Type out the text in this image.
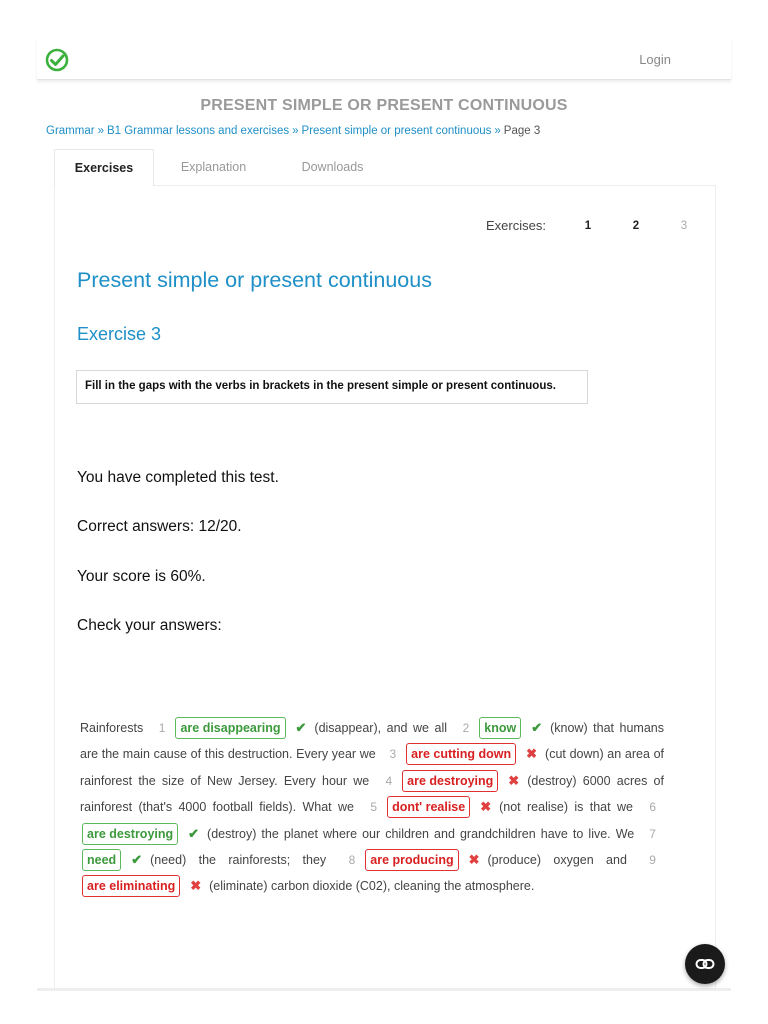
Login
PRESENT SIMPLE OR PRESENT CONTINUOUS
Grammar » B1 Grammar lessons and exercises » Present simple or present continuous » Page 3
Exercises	Explanation	Downloads
Exercises:	1	2	3
Present simple or present continuous
Exercise 3
Fill in the gaps with the verbs in brackets in the present simple or present continuous.
You have completed this test.
Correct answers: 12/20.
Your score is 60%.
Check your answers:
Rainforests 1 are disappearing ✔ (disappear), and we all 2 know ✔ (know) that humans are the main cause of this destruction. Every year we 3 are cutting down ✖ (cut down) an area of rainforest the size of New Jersey. Every hour we 4 are destroying ✖ (destroy) 6000 acres of rainforest (that's 4000 football fields). What we 5 dont' realise ✖ (not realise) is that we 6are destroying ✔ (destroy) the planet where our children and grandchildren have to live. We 7need ✔ (need) the rainforests; they 8 are producing ✖ (produce) oxygen and 9are eliminating ✖ (eliminate) carbon dioxide (C02), cleaning the atmosphere.
